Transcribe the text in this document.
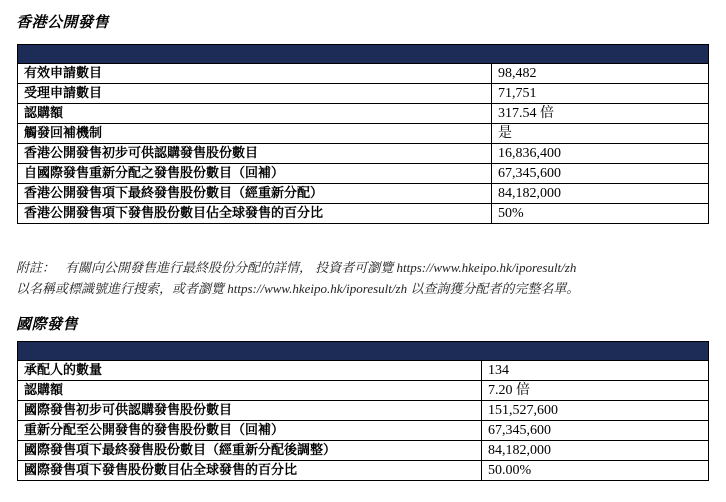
香港公開發售

有效申請數目	98,482
受理申請數目	71,751
認購額	317.54 倍
觸發回補機制	是
香港公開發售初步可供認購發售股份數目	16,836,400
自國際發售重新分配之發售股份數目（回補）	67,345,600
香港公開發售項下最終發售股份數目（經重新分配）	84,182,000
香港公開發售項下發售股份數目佔全球發售的百分比	50%
附註： 有關向公開發售進行最終股份分配的詳情， 投資者可瀏覽 https://www.hkeipo.hk/iporesult/zh
以名稱或標識號進行搜索，或者瀏覽 https://www.hkeipo.hk/iporesult/zh 以查詢獲分配者的完整名單。
國際發售

承配人的數量	134
認購額	7.20 倍
國際發售初步可供認購發售股份數目	151,527,600
重新分配至公開發售的發售股份數目（回補）	67,345,600
國際發售項下最終發售股份數目（經重新分配後調整）	84,182,000
國際發售項下發售股份數目佔全球發售的百分比	50.00%
